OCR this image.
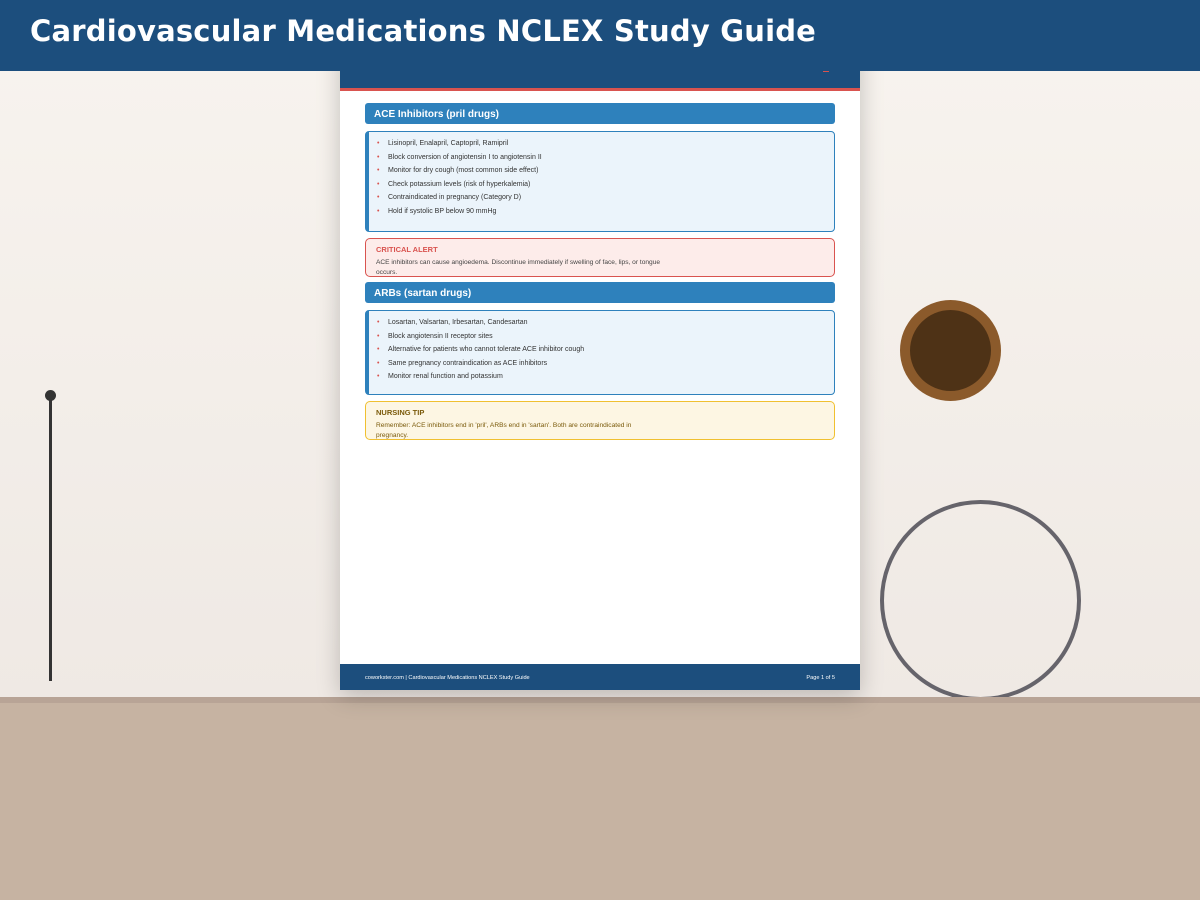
Cardiovascular Medications NCLEX Study Guide
ACE Inhibitors (pril drugs)
• Lisinopril, Enalapril, Captopril, Ramipril
• Block conversion of angiotensin I to angiotensin II
• Monitor for dry cough (most common side effect)
• Check potassium levels (risk of hyperkalemia)
• Contraindicated in pregnancy (Category D)
• Hold if systolic BP below 90 mmHg
CRITICAL ALERT
ACE inhibitors can cause angioedema. Discontinue immediately if swelling of face, lips, or tongue occurs.
ARBs (sartan drugs)
• Losartan, Valsartan, Irbesartan, Candesartan
• Block angiotensin II receptor sites
• Alternative for patients who cannot tolerate ACE inhibitor cough
• Same pregnancy contraindication as ACE inhibitors
• Monitor renal function and potassium
NURSING TIP
Remember: ACE inhibitors end in 'pril', ARBs end in 'sartan'. Both are contraindicated in pregnancy.
coworkster.com | Cardiovascular Medications NCLEX Study Guide	Page 1 of 5
